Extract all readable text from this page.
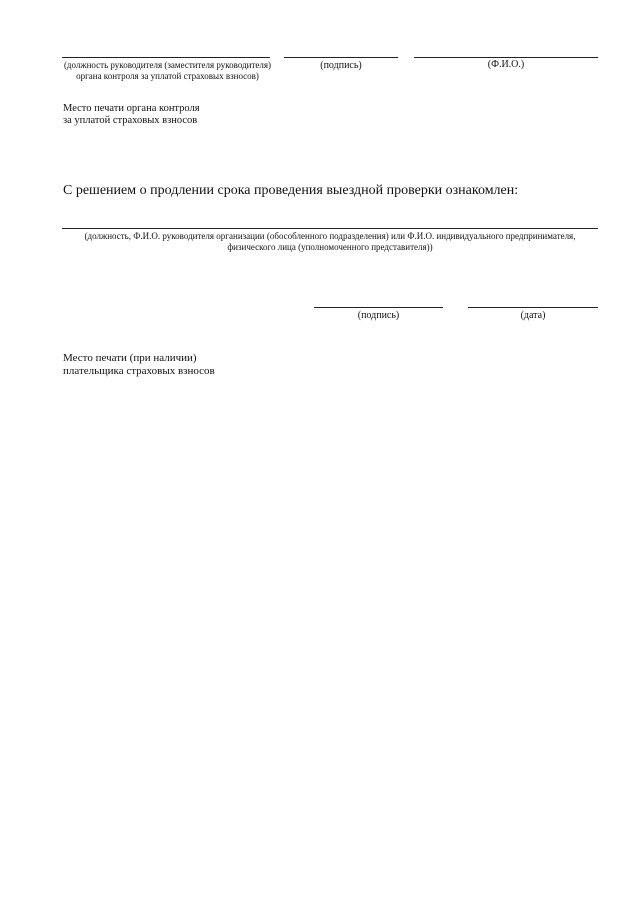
(должность руководителя (заместителя руководителя)
органа контроля за уплатой страховых взносов)
(подпись)	(Ф.И.О.)
Место печати органа контроля
за уплатой страховых взносов
С решением о продлении срока проведения выездной проверки ознакомлен:
(должность, Ф.И.О. руководителя организации (обособленного подразделения) или Ф.И.О. индивидуального предпринимателя,
физического лица (уполномоченного представителя))
(подпись)	(дата)
Место печати (при наличии)
плательщика страховых взносов
